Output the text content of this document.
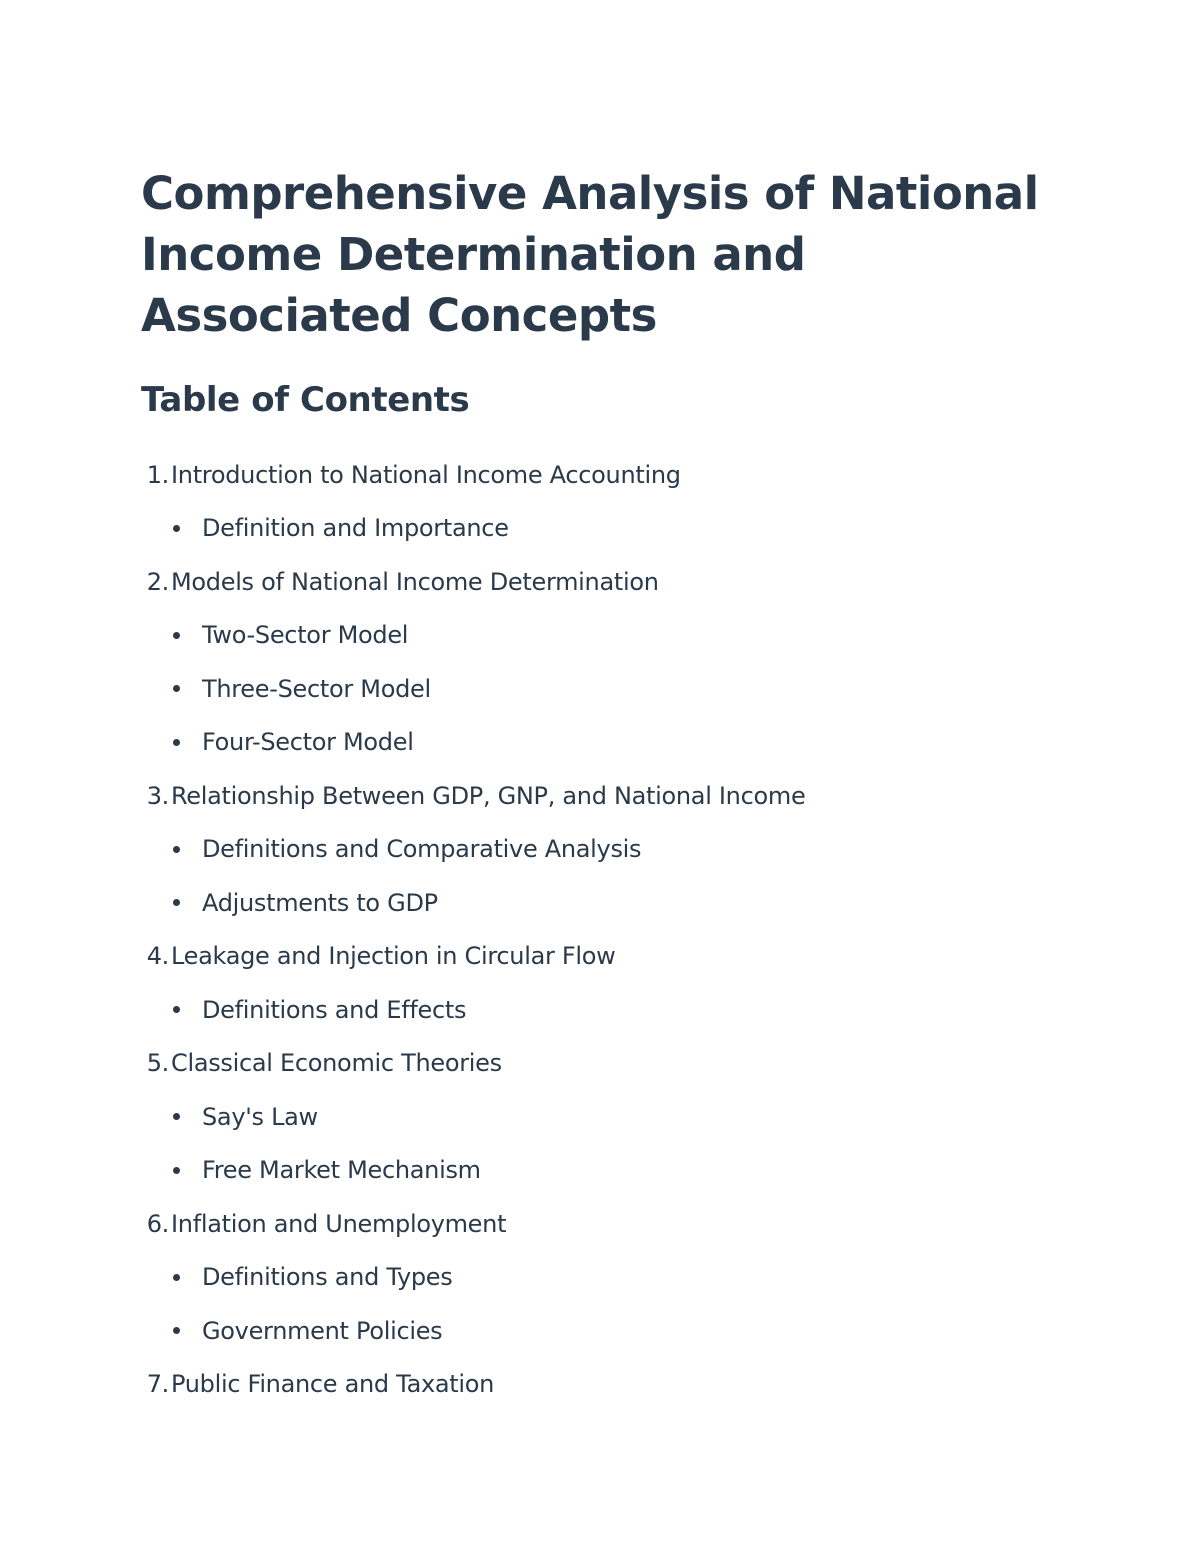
Comprehensive Analysis of National Income Determination and Associated Concepts
Table of Contents
1. Introduction to National Income Accounting
Definition and Importance
2. Models of National Income Determination
Two-Sector Model
Three-Sector Model
Four-Sector Model
3. Relationship Between GDP, GNP, and National Income
Definitions and Comparative Analysis
Adjustments to GDP
4. Leakage and Injection in Circular Flow
Definitions and Effects
5. Classical Economic Theories
Say's Law
Free Market Mechanism
6. Inflation and Unemployment
Definitions and Types
Government Policies
7. Public Finance and Taxation
